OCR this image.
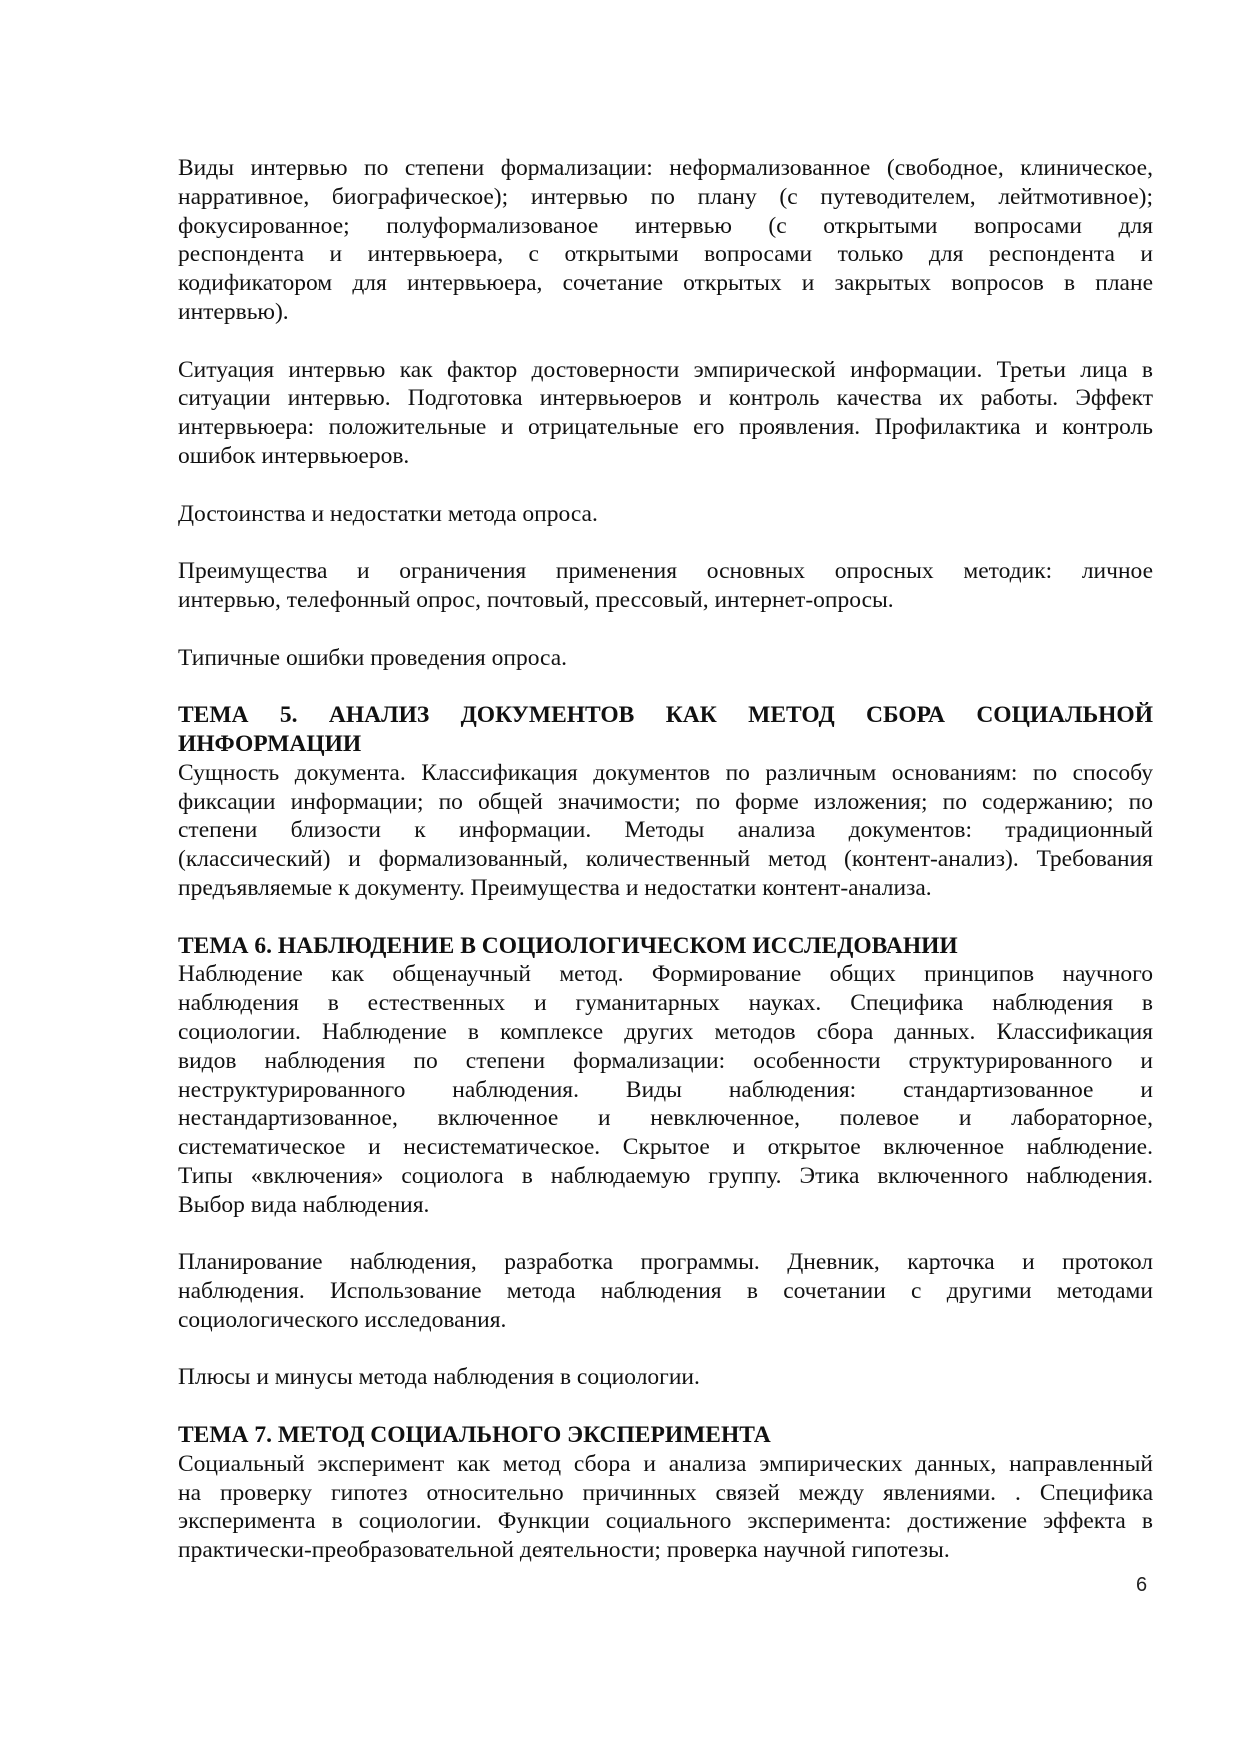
Виды интервью по степени формализации: неформализованное (свободное, клиническое,
нарративное, биографическое); интервью по плану (с путеводителем, лейтмотивное);
фокусированное; полуформализованое интервью (с открытыми вопросами для
респондента и интервьюера, с открытыми вопросами только для респондента и
кодификатором для интервьюера, сочетание открытых и закрытых вопросов в плане
интервью).
Ситуация интервью как фактор достоверности эмпирической информации. Третьи лица в
ситуации интервью. Подготовка интервьюеров и контроль качества их работы. Эффект
интервьюера: положительные и отрицательные его проявления. Профилактика и контроль
ошибок интервьюеров.
Достоинства и недостатки метода опроса.
Преимущества и ограничения применения основных опросных методик: личное
интервью, телефонный опрос, почтовый, прессовый, интернет-опросы.
Типичные ошибки проведения опроса.
ТЕМА 5. АНАЛИЗ ДОКУМЕНТОВ КАК МЕТОД СБОРА СОЦИАЛЬНОЙ
ИНФОРМАЦИИ
Сущность документа. Классификация документов по различным основаниям: по способу
фиксации информации; по общей значимости; по форме изложения; по содержанию; по
степени близости к информации. Методы анализа документов: традиционный
(классический) и формализованный, количественный метод (контент-анализ). Требования
предъявляемые к документу. Преимущества и недостатки контент-анализа.
ТЕМА 6. НАБЛЮДЕНИЕ В СОЦИОЛОГИЧЕСКОМ ИССЛЕДОВАНИИ
Наблюдение как общенаучный метод. Формирование общих принципов научного
наблюдения в естественных и гуманитарных науках. Специфика наблюдения в
социологии. Наблюдение в комплексе других методов сбора данных. Классификация
видов наблюдения по степени формализации: особенности структурированного и
неструктурированного наблюдения. Виды наблюдения: стандартизованное и
нестандартизованное, включенное и невключенное, полевое и лабораторное,
систематическое и несистематическое. Скрытое и открытое включенное наблюдение.
Типы «включения» социолога в наблюдаемую группу. Этика включенного наблюдения.
Выбор вида наблюдения.
Планирование наблюдения, разработка программы. Дневник, карточка и протокол
наблюдения. Использование метода наблюдения в сочетании с другими методами
социологического исследования.
Плюсы и минусы метода наблюдения в социологии.
ТЕМА 7. МЕТОД СОЦИАЛЬНОГО ЭКСПЕРИМЕНТА
Социальный эксперимент как метод сбора и анализа эмпирических данных, направленный
на проверку гипотез относительно причинных связей между явлениями. . Специфика
эксперимента в социологии. Функции социального эксперимента: достижение эффекта в
практически-преобразовательной деятельности; проверка научной гипотезы.
6
